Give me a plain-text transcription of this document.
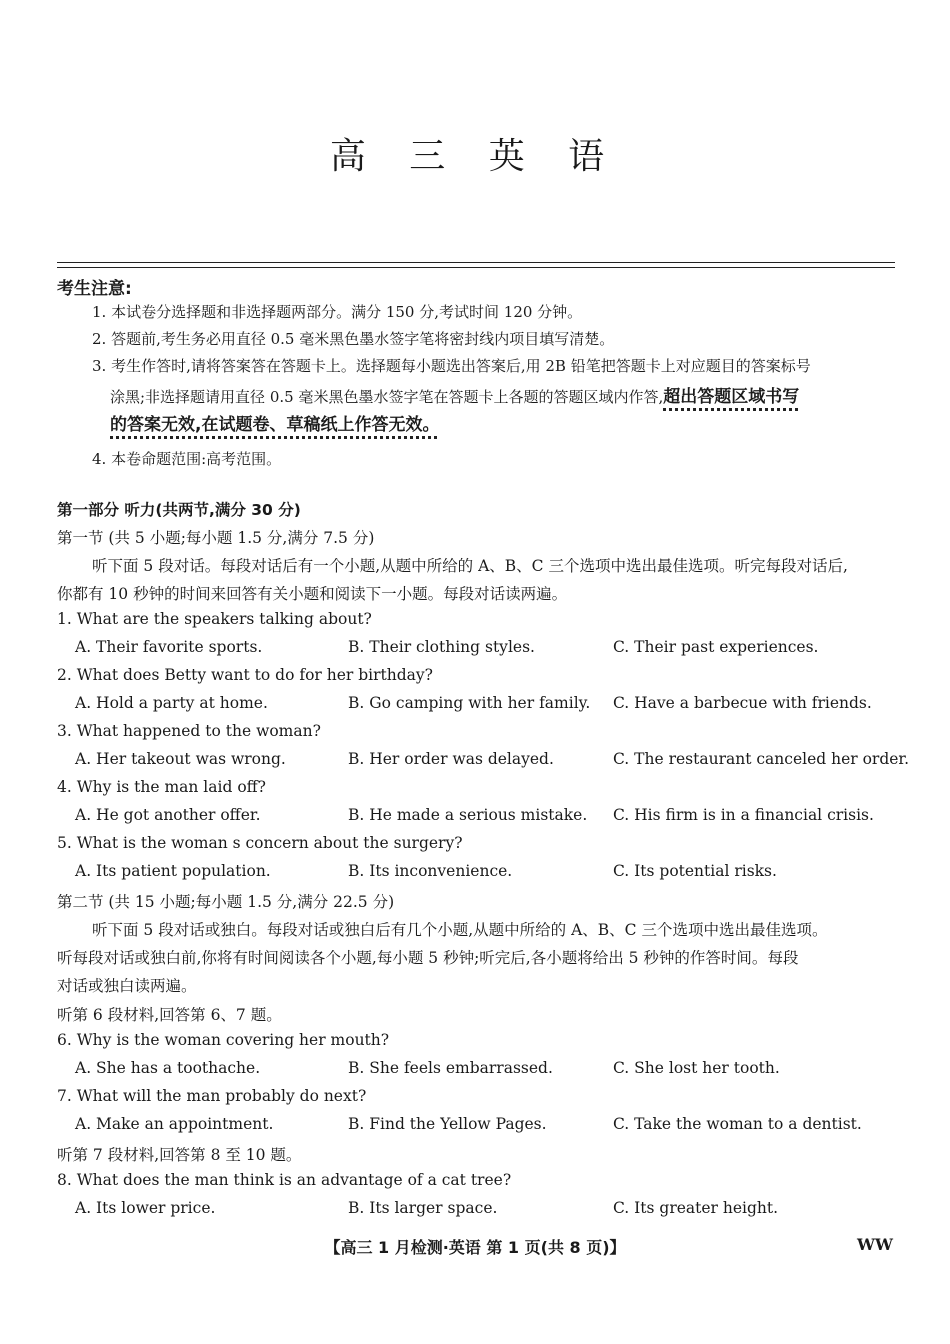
高 三 英 语
考生注意:
1. 本试卷分选择题和非选择题两部分。满分 150 分,考试时间 120 分钟。
2. 答题前,考生务必用直径 0.5 毫米黑色墨水签字笔将密封线内项目填写清楚。
3. 考生作答时,请将答案答在答题卡上。选择题每小题选出答案后,用 2B 铅笔把答题卡上对应题目的答案标号
涂黑;非选择题请用直径 0.5 毫米黑色墨水签字笔在答题卡上各题的答题区域内作答,超出答题区域书写
的答案无效,在试题卷、草稿纸上作答无效。
4. 本卷命题范围:高考范围。
第一部分 听力(共两节,满分 30 分)
第一节 (共 5 小题;每小题 1.5 分,满分 7.5 分)
听下面 5 段对话。每段对话后有一个小题,从题中所给的 A、B、C 三个选项中选出最佳选项。听完每段对话后,
你都有 10 秒钟的时间来回答有关小题和阅读下一小题。每段对话读两遍。
1. What are the speakers talking about?
A. Their favorite sports.	B. Their clothing styles.	C. Their past experiences.
2. What does Betty want to do for her birthday?
A. Hold a party at home.	B. Go camping with her family. C. Have a barbecue with friends.
3. What happened to the woman?
A. Her takeout was wrong.	B. Her order was delayed.	C. The restaurant canceled her order.
4. Why is the man laid off?
A. He got another offer.	B. He made a serious mistake. C. His firm is in a financial crisis.
5. What is the woman s concern about the surgery?
A. Its patient population.	B. Its inconvenience.	C. Its potential risks.
第二节 (共 15 小题;每小题 1.5 分,满分 22.5 分)
听下面 5 段对话或独白。每段对话或独白后有几个小题,从题中所给的 A、B、C 三个选项中选出最佳选项。
听每段对话或独白前,你将有时间阅读各个小题,每小题 5 秒钟;听完后,各小题将给出 5 秒钟的作答时间。每段
对话或独白读两遍。
听第 6 段材料,回答第 6、7 题。
6. Why is the woman covering her mouth?
A. She has a toothache.	B. She feels embarrassed.	C. She lost her tooth.
7. What will the man probably do next?
A. Make an appointment.	B. Find the Yellow Pages.	C. Take the woman to a dentist.
听第 7 段材料,回答第 8 至 10 题。
8. What does the man think is an advantage of a cat tree?
A. Its lower price.	B. Its larger space.	C. Its greater height.
【高三 1 月检测·英语 第 1 页(共 8 页)】	WW
